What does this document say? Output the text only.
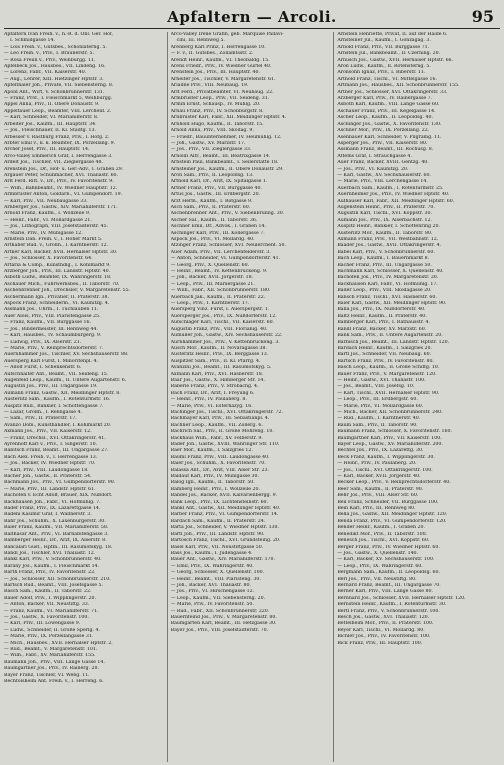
Apfaltern — Arcoli.	95
Apfaltern Ivan Freih. v., h.-R. d. Obl. Ger. Hof,
I. Schmidgasse 14.
— Lois Freih. v., Gutsbes., Schönlaterng. 5.
— Leo Freih. v., Priv., I. Bräunerstr. 5.
— Rosa Freiin v., Priv., Weihburgg. 11.
Apfelbeck Jos., Hausbes., VII. Lindeng. 16.
— Lorenz, Fabr., VII. Kaiserstr. 40.
— Aug., Lehrer, XIII. Hietzinger Hptstr. 3.
Apfelthaler Joh., Private, VII. Siebensterng. 8.
Apold Ant., Wirt, V. Schönbrunnerstr. 131.
— Franz, Prof., I. Fleischmarkt 5, Weihburgg.
Appel Anna, Priv., II. Obere Donaustr. 9.
Appeltauer Leop., Beamter, VIII. Lerchenf. 2.
— Karl, Schneider, VI. Mariahilferstr. 8.
Arbeiter Jos., Kaufm., III. Hauptstr. 34.
— Jos., Fleischhauer, II. Kl. Stadtg. 13.
Arbesser v. Rastburg Franz, Priv., I. Hofg. 2.
Arbter Emil v., k. k. Beamter, IX. Porzellang. 9.
Archer Josef, Priv., III. Hauptstr. 14.
Arco-Valley Emmerich Graf, I. Herrengasse 3.
Ardelt Jos., Tischler, VII. Zieglergasse 48.
Arenstein Jos., Dr., Hof- u. Ger.-Adv., I. Graben 29.
Argauer Peter, Schuhmacher, XVI. Thaliastr. 60.
Arlt Ferd. Ritt. v., Dr., Priv., IV. Favoritenstr. 9.
— Wilh., Bahnbeamt., IV. Wiedner Hauptstr. 12.
Armbruster Anton, Goldarb., VI. Gumpendorf. 19.
— Karl, Priv., VII. Neubaugasse 33.
Arnberger Jos., Gastw., XIV. Mariahilferstr. 171.
Arnold Franz, Kaufm., I. Wollzeile 9.
— Heinr., Fabr., VI. Mollardgasse 21.
— Jos., Lithograph, VIII. Josefstädterstr. 45.
— Marie, Priv., IV. Mühlgasse 12.
Arnstein Dan. Freih. v., I. Hoher Markt 5.
Arthaber Rud. v., Großh., I. Kärntnerstr. 12.
Artner Karl, Bäcker, XVII. Hernalser Hptstr. 30.
— Jos., Schlosser, X. Favoritenstr. 64.
Artaria & Comp., Kunsthdlg., I. Kohlmarkt 9.
Arzberger Joh., Priv., III. Landstr. Hptstr. 40.
Asboth Ludw., Beamter, IX. Währingerstr. 18.
Aschauer Mich., Fuhrwerksbes., II. Taborstr. 70.
Aschenbrenner Joh., Drechsler, V. Margaretenstr. 55.
Aschermann Ign., Privatier, II. Praterstr. 38.
Aspöck Franz, Schneiderm., VI. Kaunitzg. 4.
Assmann Jos., Uhrm., I. Tuchlauben 11.
Auer Alois, Priv., VIII. Piaristengasse 25.
— Franz, Kaufm., VII. Burggasse 16.
— Jos., Bindermeister, III. Rennweg 44.
— Karl, Hausbes., IV. Schaumburgerg. 9.
— Ludwig, Priv., IX. Alserstr. 21.
— Marie, Priv., V. Reinprechtsdorferstr. 7.
Auernhammer Jos., Tischler, XV. Sechshauserstr. 88.
Auersperg Karl Fürst, I. Minoritenpl. 4.
— Adolf Fürst, I. Schenkenstr. 6.
Aufschnaiter Ant., Beamt., VII. Seideng. 15.
Augenfeld Leop., Kaufm., II. Untere Augartenstr. 6.
Augustin Jos., Priv., III. Ungargasse 19.
Aumann Franz, Gastw., XII. Meidlinger Hptstr. 8.
Austerlitz Sam., Kaufm., I. Rotenturmstr. 16.
Auspitz Rud., Bankier, I. Schottengasse 7.
— Lazar, Großh., I. Renngasse 4.
— Sam., Priv., II. Praterstr. 17.
Avanzo Dom., Kunsthändler, I. Kohlmarkt 20.
Axmann Jos., Priv., VII. Kaiserstr. 12.
— Franz, Drechsl., XVI. Ottakringerstr. 41.
Ayrenhoff Karl v., Priv., I. Singerstr. 10.
Babitsch Franz, Beamt., III. Ungargasse 27.
Bach Alex. Freih. v., I. Herrengasse 13.
— Jos., Bäcker, IV. Wiedner Hptstr. 70.
— Karl, Priv., VIII. Laudongasse 18.
Bacher Joh., Gastw., II. Praterstr. 54.
Bachmann Jos., Priv., VI. Gumpendorferstr. 90.
— Marie, Priv., III. Landstr. Hptstr. 61.
Bachofen v. Echt Adolf, Brauer, XIX. Nußdorf.
Backhausen Joh., Fabr., VI. Hofmühlg. 7.
Bader Franz, Priv., IX. Lazarettgasse 14.
Badeni Kasimir Graf, I. Wallnerstr. 3.
Bähr Jos., Schuhm., X. Laxenburgerstr. 30.
Baier Franz, Kaufm., VII. Mariahilferstr. 58.
Balthasar Ant., Priv., VI. Barnabitengasse 3.
Bamberger Heinr., Dr., Arzt, IX. Alserstr. 8.
Bancalari Gust., Hptm., III. Rasumofskyg. 18.
Bandl Jos., Tischler, XVI. Thaliastr. 12.
Bankl Karl, Priv., V. Schönbrunnerstr. 40.
Barany Jos., Kaufm., I. Fleischmarkt 14.
Barth Franz, Priv., IV. Favoritenstr. 22.
— Jos., Schlosser, XII. Schönbrunnerstr. 210.
Bartsch Rud., Beamt., VIII. Josefsgasse 5.
Basch Sam., Kaufm., II. Taborstr. 22.
Bauer Adolf, Priv., I. Wipplingerstr. 20.
— Anton, Bäcker, VII. Neustiftg. 33.
— Franz, Kaufm., VI. Mariahilferstr. 71.
— Jos., Gastw., X. Favoritenstr. 100.
— Karl, Priv., III. Löwengasse 9.
— Ludw., Schneider, II. Große Sperlg. 4.
— Marie, Priv., IX. Porzellangasse 31.
— Mich., Hausbes., XVII. Hernalser Hptstr. 2.
— Rud., Beamt., V. Margaretenstr. 101.
— Wilh., Fabr., XV. Mariahilferstr. 155.
Baumann Joh., Priv., VIII. Lange Gasse 14.
Baumgartner Jos., Priv., IV. Rainerg. 20.
Bayer Franz, Tischler, VI. Webg. 11.
Bechtolsheim Ant. Freih. v., I. Herreng. 6.
Arco-Valley Irene Gräfin, geb. Marquise Pallavi-
cini, III. Rennweg 5.
Arenberg Karl Prinz, I. Herrengasse 10.
— F. v., II. Gutsbes., Zollamtsstr. 2.
Arendt Heinr., Kaufm., VI. Theobaldg. 15.
Arens Friedr., Priv., IV. Wiedner Gürtel 40.
Arenstein Jos., Priv., III. Hauptstr. 40.
Arheiter Jos., Tischler, V. Margaretenstr. 61.
Ariadne Priv., VIII. Neubaug. 19.
Arlt Ferd., Privatbeamter, VI. Neubaug. 22.
Armbruster Leop., Priv., VII. Seideng. 31.
Armin Ernst, Schausp., IV. Mühlg. 20.
Arnau Franz, Priv., IV. Schönburgstr. 8.
Arnbruster Karl, Fabr., XII. Meidlinger Hptstr. 4.
Arnhold Hugo, Kaufm., II. Taborstr. 15.
Arnold Anna, Priv., VIII. Skodag. 9.
— Friedr., Bauunternehmer, IV. Heumühlg. 12.
— Joh., Gastw., XV. Märzstr. 17.
— Jos., Priv., VII. Zieglergasse 33.
Arnoldi Alfr., Beamt., III. Beatrixgasse 14.
Arnstein Paul, Bankbeamt., I. Seilerstätte 18.
Arnsteiner Jos., Kaufm., II. Obere Donaustr. 29.
Aron Sam., Priv., II. Leopoldsg. 13.
Arthold Karl, Dr., Arzt, IX. Spitalgasse 1.
Artner Franz, Priv., VII. Burggasse 40.
Artus Jos., Gastw., III. Erdbergstr. 20.
Arzt Herm., Kaufm., I. Rotgasse 9.
Asch Sam., Priv., II. Praterstr. 60.
Aschenbrenner Ant., Priv., V. Siebenbrunng. 30.
Ascher Sal., Kaufm., II. Taborstr. 36.
Aschner Emil, Dr., Advok., I. Graben 14.
Aschinger Karl, Priv., III. Kollergasse 7.
Aspöck Jos., Priv., VI. Mollardg. 40.
Atzinger Franz, Schlosser, XVI. Neulerchenf. 50.
Auer Adam, Priv., VII. Lerchenfelderstr. 3.
— Anton, Schneider, VI. Gumpendorferstr. 41.
— Georg, Priv., X. Quellenstr. 60.
— Heinr., Beamt., IV. Kettenbrückeng. 9.
— Joh., Bäcker, XVII. Jörgerstr. 18.
— Leop., Priv., III. Marxergasse 21.
— Wilh., Fabr., XII. Schönbrunnerstr. 180.
Auerbach Jak., Kaufm., II. Praterstr. 22.
— Leop., Priv., I. Kärntnerstr. 17.
Auersperg Vinz. Fürst, I. Auerspergstr. 1.
Auersperger Jos., Priv., IX. Nußdorferstr. 12.
Aufschläger Karl, Tischl., VII. Kaiserstr. 60.
Augustin Franz, Priv., VIII. Florianig. 40.
Aumüller Joh., Gastw., XIV. Sechshauserstr. 22.
Aurnhammer Jos., Priv., V. Kettenbrückeng. 3.
Ausch Mor., Kaufm., II. Novaragasse 38.
Austerlitz Heinr., Priv., IX. Berggasse 13.
Auspitzer Sam., Priv., II. Kl. Pfarrg. 4.
Avanzini Jos., Beamt., III. Rasumofskyg. 5.
Axmann Karl, Priv., XVI. Hasnerstr. 18.
Baar Jos., Gastw., X. Himberger Str. 14.
Baberle Franz, Priv., V. Strobachg. 4.
Bach Franz, Dr., Arzt, I. Freyung 6.
— Heinr., Priv., IV. Paulanerg. 8.
— Marie, Priv., VI. Esterhazyg. 16.
Bachinger Jos., Tischl., XVI. Ottakringerstr. 72.
Bachmayer Karl, Priv., III. Sebastianpl. 4.
Bachner Leop., Kaufm., VII. Zollerg. 6.
Bachrich Sal., Priv., II. Große Mohreng. 10.
Backhaus Wilh., Fabr., XV. Felberstr. 9.
Bader Joh., Gastw., XVIII. Währinger Str. 110.
Baer Mor., Kaufm., I. Salzgries 12.
Bäuml Franz, Priv., VIII. Laudongasse 40.
Baier Jos., Schuhm., X. Favoritenstr. 70.
Balassa Ant., Dr., Arzt, VIII. Alser Str. 23.
Baldauf Karl, Priv., IV. Mühlgasse 30.
Balog Ign., Kaufm., II. Taborstr. 50.
Bamberg Heinr., Priv., I. Wollzeile 20.
Bandel Jos., Bäcker, XVII. Kalvarienbergg. 9.
Bank Leop., Priv., IX. Lichtensteinstr. 60.
Bankl Ant., Gastw., XII. Meidlinger Hptstr. 40.
Barber Franz, Priv., VI. Gumpendorferstr. 14.
Bardach Sam., Kaufm., II. Praterstr. 24.
Barta Jos., Schneider, V. Wiedner Hptstr. 130.
Bartl Joh., Priv., III. Landstr. Hptstr. 90.
Bartosch Franz, Tischl., XVI. Grundsteing. 20.
Basel Karl, Priv., VII. Neustiftgasse 50.
Bass Jos., Kaufm., I. Judengasse 4.
Bauer Ant., Gastw., XIV. Mariahilferstr. 170.
— Emil, Priv., IX. Währingerstr. 40.
— Georg, Schlosser, X. Quellenstr. 100.
— Heinr., Beamt., VIII. Piaristeng. 30.
— Joh., Bäcker, XVI. Thaliastr. 80.
— Jos., Priv., VI. Hirschengasse 12.
— Leop., Kaufm., VII. Siebensterng. 20.
— Marie, Priv., IV. Favoritenstr. 50.
— Rud., Fabr., XII. Schönbrunnerstr. 220.
Bauernfeind Jos., Priv., V. Margaretenstr. 80.
Baumgarten Karl, Beamt., III. Hetzgasse 30.
Bayer Jos., Priv., VIII. Josefstädterstr. 70.
Arnstein Henriette, Privat, II. auf der Haide 6.
Arnsteiner Jul., Kaufm., I. Gonzagag. 3.
Arnold Franz, Priv., VII. Burggasse 71.
Arnstein Jul., Bankbeamt., II. Czerning. 20.
Arnusch Jos., Gastw., XVII. Hernalser Hptstr. 66.
Aron Ludw., Kaufm., II. Rotensterng. 5.
Aronsohn Ignaz, Priv., I. Biberstr. 11.
Arthold Franz, Tischl., VI. Mittelgasse 16.
Artmann Jos., Hausbes., XII. Schönbrunnerstr. 155.
Artner Jos., Schlosser, XVI. Ottakringerstr. 33.
Arzberger Karl, Priv., IV. Rainergasse 7.
Asboth Karl, Kaufm., VIII. Lange Gasse 60.
Aschauer Franz, Priv., III. Kegelgasse 14.
Ascher Leop., Kaufm., II. Leopoldsg. 40.
Aschinger Jos., Gastw., X. Favoritenstr. 130.
Aschner Mor., Priv., IX. Porzellang. 22.
Asenbauer Karl, Schneider, V. Pilgramg. 11.
Asperger Jos., Priv., VII. Kaiserstr. 80.
Assmann Franz, Beamt., III. Rochusg. 8.
Attems Graf, I. Strauchgasse 4.
Auer Franz, Bäcker, XVIII. Gentzg. 40.
— Jos., Priv., VI. Kaunitzg. 20.
— Karl, Gastw., XV. Sechshauserstr. 60.
— Marie, Priv., VIII. Lerchengasse 14.
Auerbach Sam., Kaufm., I. Rotenturmstr. 25.
Auernheimer Jos., Priv., IV. Wiedner Hptstr. 40.
Aufhauser Karl, Fabr., XII. Meidlinger Hptstr. 60.
Augenstein Heinr., Priv., II. Praterstr. 70.
Augustin Karl, Tischl., XVI. Koppstr. 30.
Aumann Jos., Priv., IX. Alserbachstr. 12.
Auspitz Heinr., Bankier, I. Schottenring 20.
Austerlitz Mor., Kaufm., II. Taborstr. 80.
Axmann Franz, Priv., VII. Westbahnstr. 12.
Baader Jos., Gastw., XVII. Ottakringerstr. 4.
Babel Karl, Priv., V. Schönbrunnerstr. 60.
Bach Leop., Kaufm., I. Bauernmarkt 8.
Bacher Franz, Priv., III. Ungargasse 50.
Bachmann Karl, Schlosser, X. Quellenstr. 40.
Bachofen Jos., Priv., IV. Margaretenstr. 20.
Backhausen Karl, Fabr., VI. Hofmühlg. 17.
Bader Leop., Priv., VIII. Skodagasse 20.
Bänsch Franz, Tischl., XVI. Hasnerstr. 60.
Baier Karl, Gastw., XII. Meidlinger Hptstr. 90.
Balla Jos., Priv., IX. Nußdorferstr. 40.
Baltz Heinr., Kaufm., II. Praterstr. 40.
Bamberger Karl, Priv., I. Rathausstr. 4.
Bandl Franz, Bäcker, XV. Märzstr. 60.
Bank Sam., Priv., II. Untere Augartenstr. 20.
Barbisch Jos., Beamt., III. Landstr. Hptstr. 120.
Bardach Heinr., Kaufm., I. Salzgries 20.
Bartl Jos., Schneider, VII. Neubaug. 60.
Bartsch Franz, Priv., IV. Favoritenstr. 80.
Basch Leop., Kaufm., II. Große Schiffg. 10.
Bauer Franz, Priv., V. Margaretenstr. 120.
— Heinr., Gastw., XVI. Thaliastr. 100.
— Jos., Beamt., VIII. Josefsg. 10.
— Karl, Tischl., XVII. Hernalser Hptstr. 90.
— Leop., Priv., III. Erdbergstr. 60.
— Marie, Priv., VI. Mollardgasse 60.
— Mich., Bäcker, XII. Schönbrunnerstr. 240.
— Rud., Kaufm., I. Kärntnerstr. 40.
Baum Sam., Priv., II. Taborstr. 90.
Baumann Franz, Schlosser, X. Favoritenstr. 160.
Baumgartner Karl, Priv., VII. Kaiserstr. 100.
Bayer Leop., Gastw., XV. Mariahilferstr. 200.
Bechtel Jos., Priv., IX. Lazarettg. 30.
Beck Franz, Kaufm., I. Wipplingerstr. 30.
— Heinr., Priv., IV. Paulanerg. 20.
— Jos., Tischl., XVI. Ottakringerstr. 100.
— Karl, Bäcker, XVII. Jörgerstr. 40.
Becker Leop., Priv., V. Reinprechtsdorferstr. 40.
Beer Sam., Kaufm., II. Praterstr. 90.
Behr Jos., Priv., VIII. Alser Str. 60.
Beil Franz, Schneider, VII. Burggasse 100.
Bein Karl, Priv., III. Rennweg 80.
Bella Jos., Gastw., XII. Meidlinger Hptstr. 120.
Benda Franz, Priv., VI. Gumpendorferstr. 120.
Bender Heinr., Kaufm., I. Graben 20.
Benedikt Mor., Priv., II. Taborstr. 100.
Benesch Jos., Tischl., XVI. Koppstr. 60.
Berger Franz, Priv., IV. Wiedner Hptstr. 60.
— Jos., Gastw., X. Quellenstr. 140.
— Karl, Bäcker, XV. Sechshauserstr. 100.
— Leop., Priv., IX. Währingerstr. 60.
Bergmann Sam., Kaufm., II. Leopoldsg. 60.
Berl Jos., Priv., VII. Neustiftg. 80.
Bernard Franz, Beamt., III. Ungargasse 70.
Berner Karl, Priv., VIII. Lange Gasse 80.
Bernhard Jos., Schlosser, XVII. Hernalser Hptstr. 120.
Bernstein Heinr., Kaufm., I. Rotenturmstr. 30.
Bertl Franz, Priv., V. Schönbrunnerstr. 100.
Besch Jos., Gastw., XVI. Thaliastr. 120.
Bettelheim Mor., Priv., II. Praterstr. 100.
Beyer Karl, Tischl., VI. Mollardg. 80.
Bichler Jos., Priv., IV. Favoritenstr. 100.
Bick Franz, Priv., III. Hauptstr. 100.
